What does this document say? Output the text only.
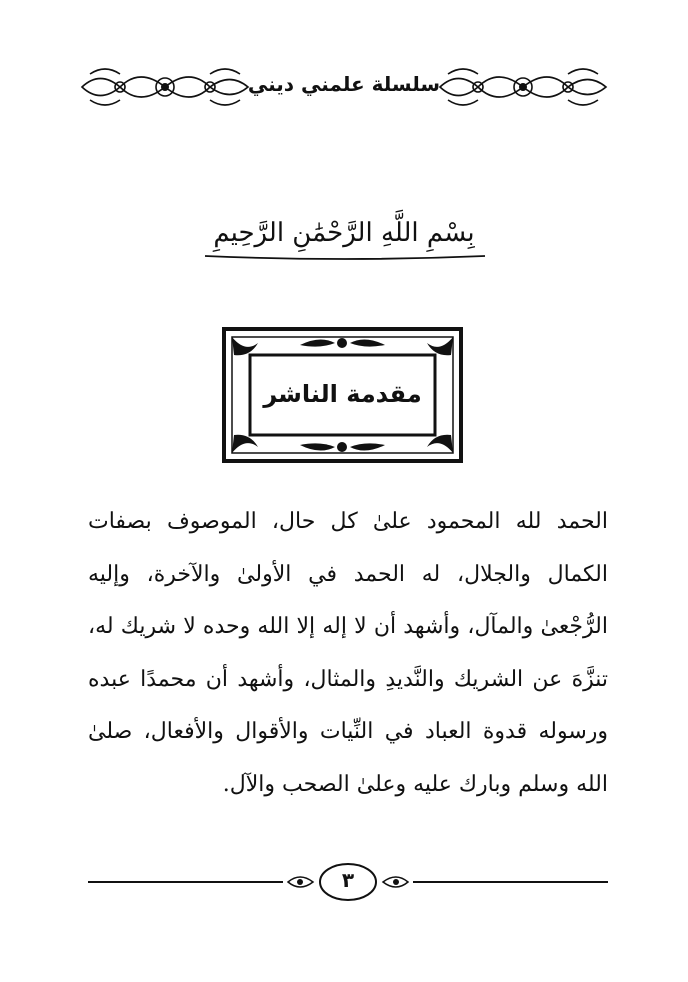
سلسلة علمني ديني
بِسْمِ اللَّهِ الرَّحْمَٰنِ الرَّحِيمِ
مقدمة الناشر
الحمد لله المحمود علىٰ كل حال، الموصوف بصفات الكمال والجلال، له الحمد في الأولىٰ والآخرة، وإليه الرُّجْعىٰ والمآل، وأشهد أن لا إله إلا الله وحده لا شريك له، تنزَّهَ عن الشريك والنَّديدِ والمثال، وأشهد أن محمدًا عبده ورسوله قدوة العباد في النِّيات والأقوال والأفعال، صلىٰ الله وسلم وبارك عليه وعلىٰ الصحب والآل.
٣
